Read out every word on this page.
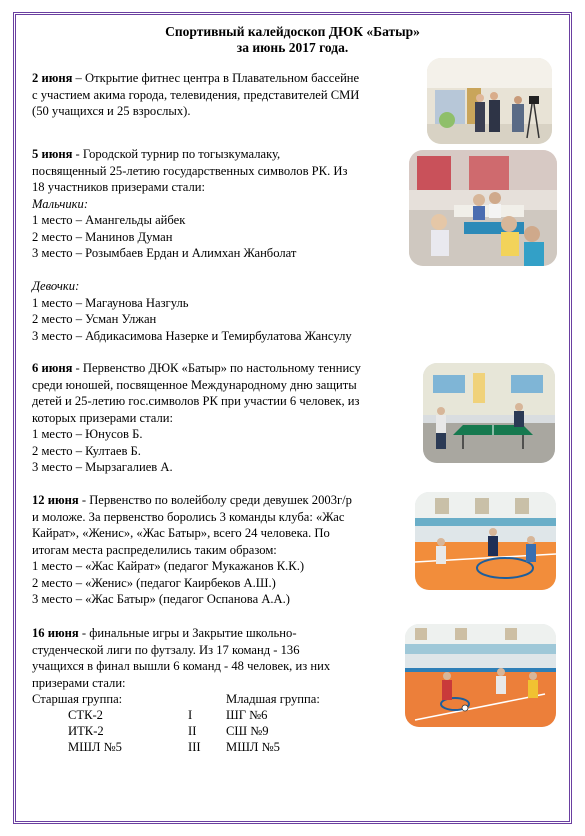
Спортивный калейдоскоп ДЮК «Батыр»
за июнь 2017 года.

2 июня – Открытие фитнес центра в Плавательном бассейне

с участием акима города, телевидения, представителей СМИ

(50 учащихся и 25 взрослых).

5 июня - Городской турнир по тогызкумалаку,

посвященный 25-летию государственных символов РК. Из

18 участников призерами стали:

Мальчики:

1 место – Амангельды айбек

2 место – Манинов Думан

3 место – Розымбаев Ердан и Алимхан Жанболат

Девочки:

1 место – Магаунова Назгуль

2 место – Усман Улжан

3 место – Абдикасимова Назерке и Темирбулатова Жансулу

6 июня - Первенство ДЮК «Батыр» по настольному теннису

среди юношей, посвященное Международному дню защиты

детей и 25-летию гос.символов РК при участии 6 человек, из

которых призерами стали:

1 место – Юнусов Б.

2 место – Култаев Б.

3 место – Мырзагалиев А.

12 июня - Первенство по волейболу среди девушек 2003г/р

и моложе. За первенство боролись 3 команды клуба: «Жас

Кайрат», «Женис», «Жас Батыр», всего 24 человека. По

итогам места распределились таким образом:

1 место – «Жас Кайрат» (педагог Мукажанов К.К.)

2 место – «Женис» (педагог Каирбеков А.Ш.)

3 место – «Жас Батыр» (педагог Оспанова А.А.)

16 июня - финальные игры и Закрытие школьно-

студенческой лиги по футзалу. Из 17 команд - 136

учащихся в финал вышли 6 команд - 48 человек, из них

призерами стали:

Старшая группа:		Младшая группа:
СТК-2	I	ШГ №6
ИТК-2	II	СШ №9
МШЛ №5	III	МШЛ №5
